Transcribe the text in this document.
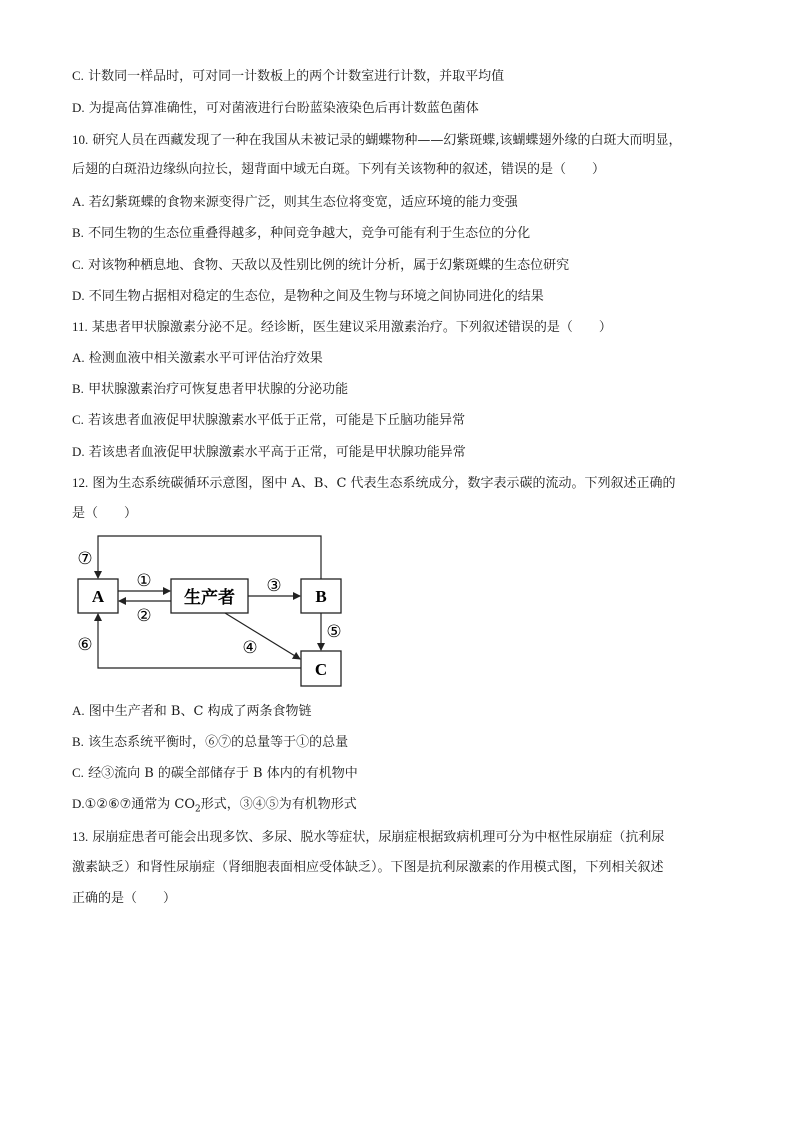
C. 计数同一样品时，可对同一计数板上的两个计数室进行计数，并取平均值
D. 为提高估算准确性，可对菌液进行台盼蓝染液染色后再计数蓝色菌体
10. 研究人员在西藏发现了一种在我国从未被记录的蝴蝶物种——幻紫斑蝶,该蝴蝶翅外缘的白斑大而明显，
后翅的白斑沿边缘纵向拉长，翅背面中域无白斑。下列有关该物种的叙述，错误的是（　　）
A. 若幻紫斑蝶的食物来源变得广泛，则其生态位将变宽，适应环境的能力变强
B. 不同生物的生态位重叠得越多，种间竞争越大，竞争可能有利于生态位的分化
C. 对该物种栖息地、食物、天敌以及性别比例的统计分析，属于幻紫斑蝶的生态位研究
D. 不同生物占据相对稳定的生态位，是物种之间及生物与环境之间协同进化的结果
11. 某患者甲状腺激素分泌不足。经诊断，医生建议采用激素治疗。下列叙述错误的是（　　）
A. 检测血液中相关激素水平可评估治疗效果
B. 甲状腺激素治疗可恢复患者甲状腺的分泌功能
C. 若该患者血液促甲状腺激素水平低于正常，可能是下丘脑功能异常
D. 若该患者血液促甲状腺激素水平高于正常，可能是甲状腺功能异常
12. 图为生态系统碳循环示意图，图中 A、B、C 代表生态系统成分，数字表示碳的流动。下列叙述正确的
是（　　）
A	生产者	B
C
①
②
③
④
⑤
⑥
⑦
A. 图中生产者和 B、C 构成了两条食物链
B. 该生态系统平衡时，⑥⑦的总量等于①的总量
C. 经③流向 B 的碳全部储存于 B 体内的有机物中
D.①②⑥⑦通常为 $CO_2$形式，③④⑤为有机物形式
13. 尿崩症患者可能会出现多饮、多尿、脱水等症状，尿崩症根据致病机理可分为中枢性尿崩症（抗利尿
激素缺乏）和肾性尿崩症（肾细胞表面相应受体缺乏）。下图是抗利尿激素的作用模式图，下列相关叙述
正确的是（　　）
